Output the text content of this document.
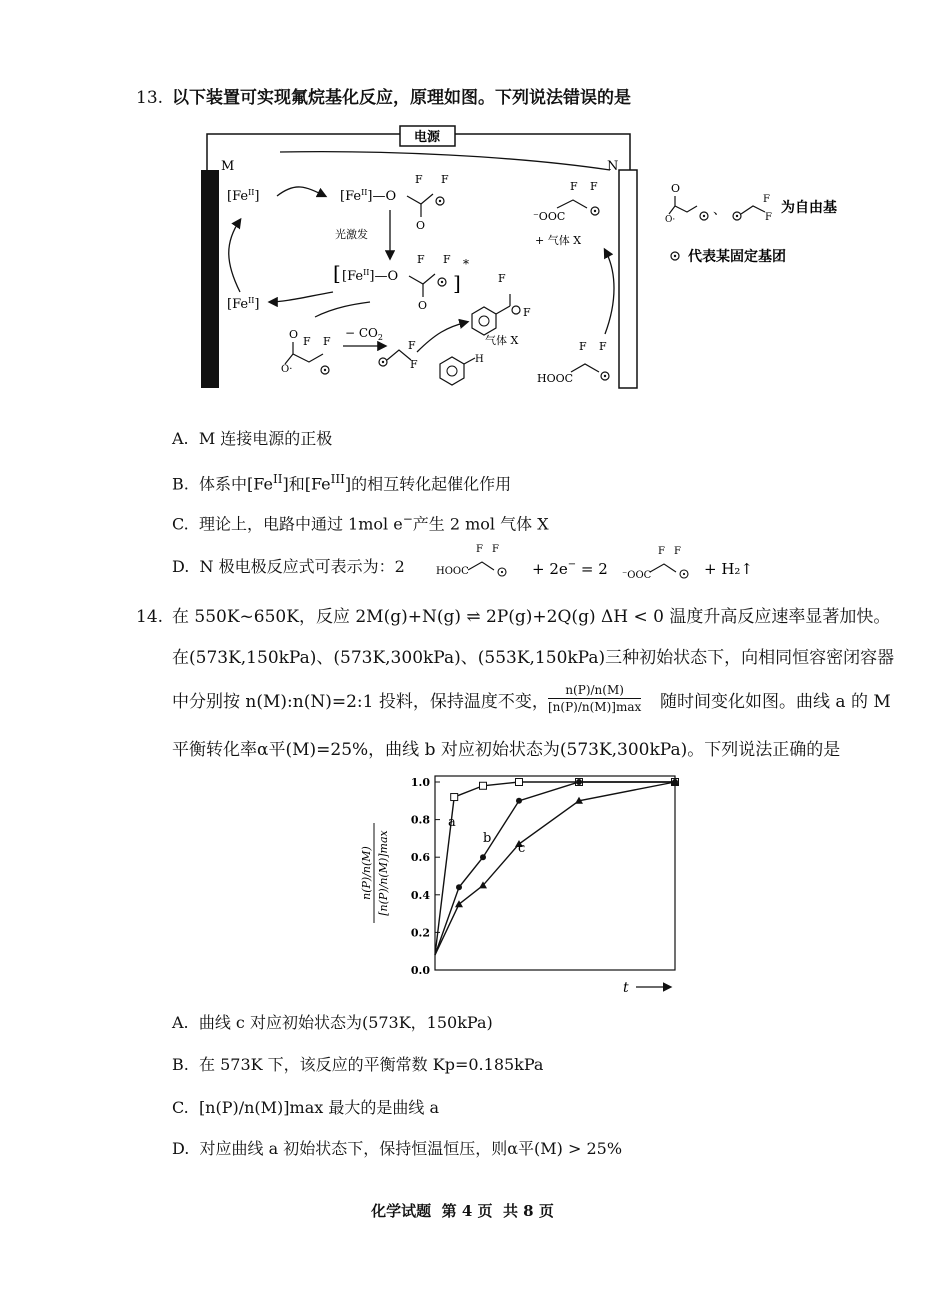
13. 以下装置可实现氟烷基化反应，原理如图。下列说法错误的是
电源
M	N
$[Fe^{II}]$
$[Fe^{II}]$
$[Fe^{II}]—O$
O
F F
光激发
[ $[Fe^{II}]—O$
O
F F
]
*
O
O·
F F
− $CO_2$
F
F	H
F
F
气体 X
F F
⁻OOC
+ 气体 X
F F
HOOC
O
O·
、
F
F
为自由基
代表某固定基团
A. M 连接电源的正极
B. 体系中$[Fe^{II}]$和$[Fe^{III}]$的相互转化起催化作用
C. 理论上，电路中通过 1mol e−产生 2 mol 气体 X
D. N 极电极反应式可表示为：2	HOOC
F F
+ 2e− = 2 ⁻OOC
F F
+ H₂↑
14. 在 550K~650K，反应 2M(g)+N(g) ⇌ 2P(g)+2Q(g) ΔH < 0 温度升高反应速率显著加快。
在(573K,150kPa)、(573K,300kPa)、(553K,150kPa)三种初始状态下，向相同恒容密闭容器
中分别按 n(M):n(N)=2:1 投料，保持温度不变，
n(P)/n(M)
[n(P)/n(M)]max 随时间变化如图。曲线 a 的 M
平衡转化率α平(M)=25%，曲线 b 对应初始状态为(573K,300kPa)。下列说法正确的是
0.0
0.2
0.4
0.6
0.8
1.0
t
n(P)/n(M) [n(P)/n(M)]max
a
b
c
A. 曲线 c 对应初始状态为(573K，150kPa)
B. 在 573K 下，该反应的平衡常数 Kp=0.185kPa
C. [n(P)/n(M)]max 最大的是曲线 a
D. 对应曲线 a 初始状态下，保持恒温恒压，则α平(M) > 25%
化学试题  第 4 页  共 8 页
